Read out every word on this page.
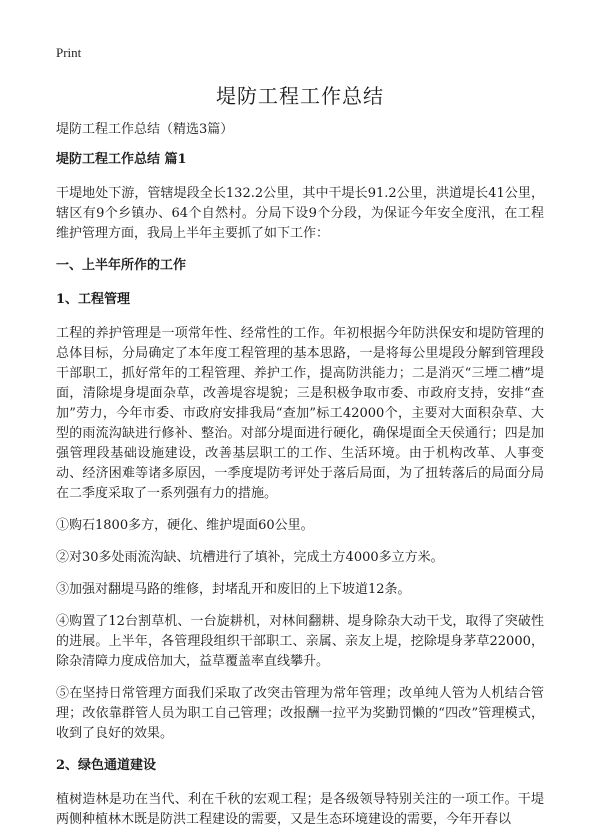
Print
堤防工程工作总结

堤防工程工作总结（精选3篇）

堤防工程工作总结 篇1

干堤地处下游，管辖堤段全长132.2公里，其中干堤长91.2公里，洪道堤长41公里，辖区有9个乡镇办、64个自然村。分局下设9个分段，为保证今年安全度汛，在工程维护管理方面，我局上半年主要抓了如下工作：

一、上半年所作的工作

1、工程管理

工程的养护管理是一项常年性、经常性的工作。年初根据今年防洪保安和堤防管理的总体目标，分局确定了本年度工程管理的基本思路，一是将每公里堤段分解到管理段干部职工，抓好常年的工程管理、养护工作，提高防洪能力；二是消灭“三堙二槽”堤面，清除堤身堤面杂草，改善堤容堤貌；三是积极争取市委、市政府支持，安排“查加”劳力，今年市委、市政府安排我局“查加”标工42000个，主要对大面积杂草、大型的雨流沟缺进行修补、整治。对部分堤面进行硬化，确保堤面全天侯通行；四是加强管理段基础设施建设，改善基层职工的工作、生活环境。由于机构改革、人事变动、经济困难等诸多原因，一季度堤防考评处于落后局面，为了扭转落后的局面分局在二季度采取了一系列强有力的措施。

①购石1800多方，硬化、维护堤面60公里。

②对30多处雨流沟缺、坑槽进行了填补，完成土方4000多立方米。

③加强对翻堤马路的维修，封堵乱开和废旧的上下坡道12条。

④购置了12台割草机、一台旋耕机，对林间翻耕、堤身除杂大动干戈，取得了突破性的进展。上半年，各管理段组织干部职工、亲属、亲友上堤，挖除堤身茅草22000，除杂清障力度成倍加大，益草覆盖率直线攀升。

⑤在坚持日常管理方面我们采取了改突击管理为常年管理；改单纯人管为人机结合管理；改依靠群管人员为职工自己管理；改报酬一拉平为奖勤罚懒的“四改”管理模式，收到了良好的效果。

2、绿色通道建设

植树造林是功在当代、利在千秋的宏观工程；是各级领导特别关注的一项工作。干堤两侧种植林木既是防洪工程建设的需要，又是生态环境建设的需要，今年开春以
